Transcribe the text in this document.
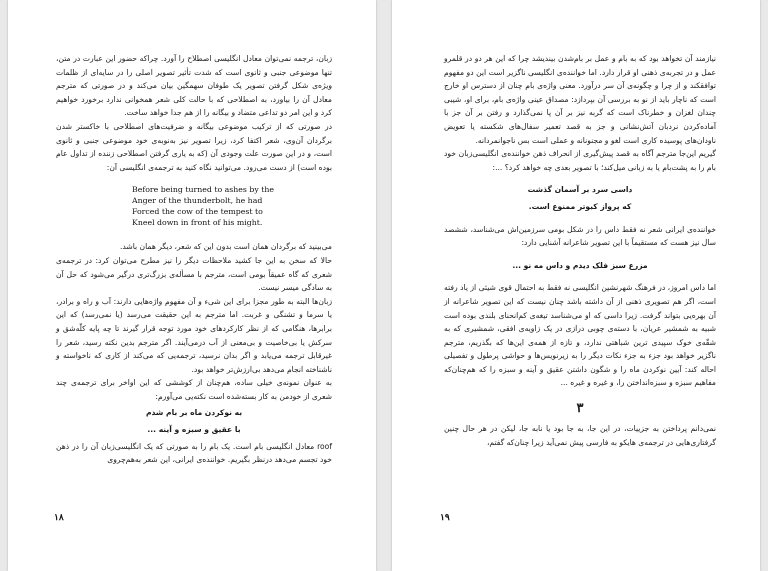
زبان، ترجمه نمی‌توان معادل انگلیسی اصطلاح را آورد. چراکه حضور این عبارت در متن، تنها موضوعی جنبی و ثانوی است که شدت تأثیر تصویر اصلی را در سایه‌ای از ظلمات ویژه‌ی شکل گرفتن تصویر یک طوفان سهمگین بیان می‌کند و در صورتی که مترجم معادل آن را بیاورد، به اصطلاحی که با حالت کلی شعر همخوانی ندارد برخورد خواهیم کرد و این امر دو تداعی متضاد و بیگانه را از هم جدا خواهد ساخت.

در صورتی که از ترکیب موضوعی بیگانه و ضرفیت‌های اصطلاحی با خاکستر شدن برگردان آن‌وی، شعر اکتفا کرد، زیرا تصویر نیز به‌نوبه‌ی خود موضوعی جنبی و ثانوی است، و در این صورت علت وجودی آن (که به یاری گرفتن اصطلاحی زننده از تداول عام بوده است) از دست می‌رود. می‌توانید نگاه کنید به ترجمه‌ی انگلیسی آن:

Before being turned to ashes by the
Anger of the thunderbolt, he had
Forced the cow of the tempest to
Kneel down in front of his might.

می‌بینید که برگردان همان است بدون این که شعر، دیگر همان باشد.

حالا که سخن به این جا کشید ملاحظات دیگر را نیز مطرح می‌توان کرد: در ترجمه‌ی شعری که گاه عمیقاً بومی است، مترجم با مسأله‌ی بزرگ‌تری درگیر می‌شود که حل آن به سادگی میسر نیست.

زبان‌ها البته به طور مجزا برای این شیء و آن مفهوم واژه‌هایی دارند: آب و راه و برادر، یا سرما و تشنگی و غربت. اما مترجم به این حقیقت می‌رسد (یا نمی‌رسد) که این برابرها، هنگامی که از نظر کارکردهای خود مورد توجه قرار گیرند تا چه پایه کلّه‌شق و سرکش یا بی‌خاصیت و بی‌معنی از آب درمی‌آیند. اگر مترجم بدین نکته رسید، شعر را غیرقابل ترجمه می‌یابد و اگر بدان نرسید، ترجمه‌یی که می‌کند از کاری که ناخواسته و ناشناخته انجام می‌دهد بی‌ارزش‌تر خواهد بود.

به عنوان نمونه‌ی خیلی ساده، هم‌چنان از کوششی که این اواخر برای ترجمه‌ی چند شعری از خودمن به کار بسته‌شده است نکته‌یی می‌آورم:

به نوکردن ماه بر بام شدم
با عقیق و سبزه و آینه ...

roof معادل انگلیسی بام است. یک بام را به صورتی که یک انگلیسی‌زبان آن را در ذهن خود تجسم می‌دهد درنظر بگیریم. خواننده‌ی ایرانی، این شعر به‌هم‌چروی

۱۸

نیازمند آن تخواهد بود که به بام و عمل بر بام‌شدن بیندیشد چرا که این هر دو در قلمرو عمل و در تجربه‌ی ذهنی او قرار دارد. اما خواننده‌ی انگلیسی ناگزیر است این دو مفهوم توافقکند و از چرا و چگونه‌ی آن سر درآورد. معنی واژه‌ی بام چنان از دسترس او خارج است که ناچار باید از نو به بررسی آن بپردازد: مصداق عینی واژه‌ی بام، برای او، شیبی چندان لغزان و خطرناک است که گربه نیز بر آن پا نمی‌گذارد و رفتن بر آن جز با آماده‌کردن نردبان آتش‌نشانی و جز به قصد تعمیر سفال‌های شکسته یا تعویض ناودان‌های پوسیده کاری است لغو و مجنونانه و عملی است بس ناجوانمردانه.

گیریم این‌جا مترجم آگاه به قصد پیش‌گیری از انحراف ذهن خواننده‌ی انگلیسی‌زبان خود بام را به پشت‌بام یا به زبانی میل‌کند؛ با تصویر بعدی چه خواهد کرد؟ ...:

داسی سرد بر آسمان گذشت
که پرواز کبوتر ممنوع است.

خواننده‌ی ایرانی شعر نه فقط داس را در شکل بومی سرزمین‌اش می‌شناسد، ششصد سال نیز هست که مستقیماً با این تصویر شاعرانه آشنایی دارد:

مزرع سبز فلک دیدم و داس مه نو ...

اما داس امروز، در فرهنگ شهرنشین انگلیسی نه فقط به احتمال قوی شیئی از یاد رفته است، اگر هم تصویری ذهنی از آن داشته باشد چنان نیست که این تصویر شاعرانه از آن بهره‌یی بتواند گرفت. زیرا داسی که او می‌شناسد تیغه‌ی کم‌انحنای بلندی بوده است شبیه به شمشیر عریان، با دسته‌ی چوبی درازی در یک زاویه‌ی افقی، شمشیری که به شقّه‌ی خوک سپیدی ترین شباهتی ندارد، و تازه از همه‌ی این‌ها که بگذریم، مترجم ناگزیر خواهد بود جزء به جزء نکات دیگر را به زیرنویس‌ها و حواشی پرطول و تفصیلی احاله کند: آیین نوکردن ماه را و شگون داشتن عقیق و آینه و سبزه را که هم‌چنان‌که مفاهیم سبزه و سبزه‌انداختن را، و غیره و غیره ...

۳

نمی‌دانم پرداختن به جزییات، در این جا، به جا بود یا نابه جا، لیکن در هر حال چنین گرفتاری‌هایی در ترجمه‌ی هایکو به فارسی پیش نمی‌آید زیرا چنان‌که گفتم،

۱۹
